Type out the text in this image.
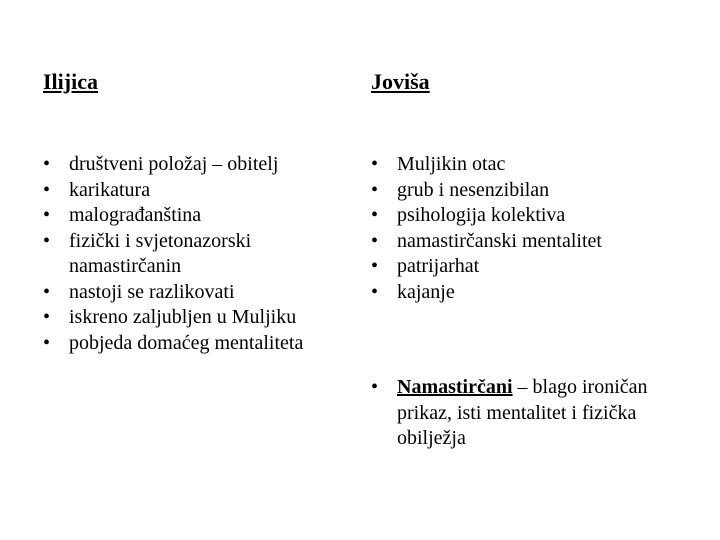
Ilijica	Joviša
• društveni položaj – obitelj
• karikatura
• malograđanština
• fizički i svjetonazorski namastirčanin
• nastoji se razlikovati
• iskreno zaljubljen u Muljiku
• pobjeda domaćeg mentaliteta
• Muljikin otac
• grub i nesenzibilan
• psihologija kolektiva
• namastirčanski mentalitet
• patrijarhat
• kajanje
• Namastirčani – blago ironičan prikaz, isti mentalitet i fizička obilježja
